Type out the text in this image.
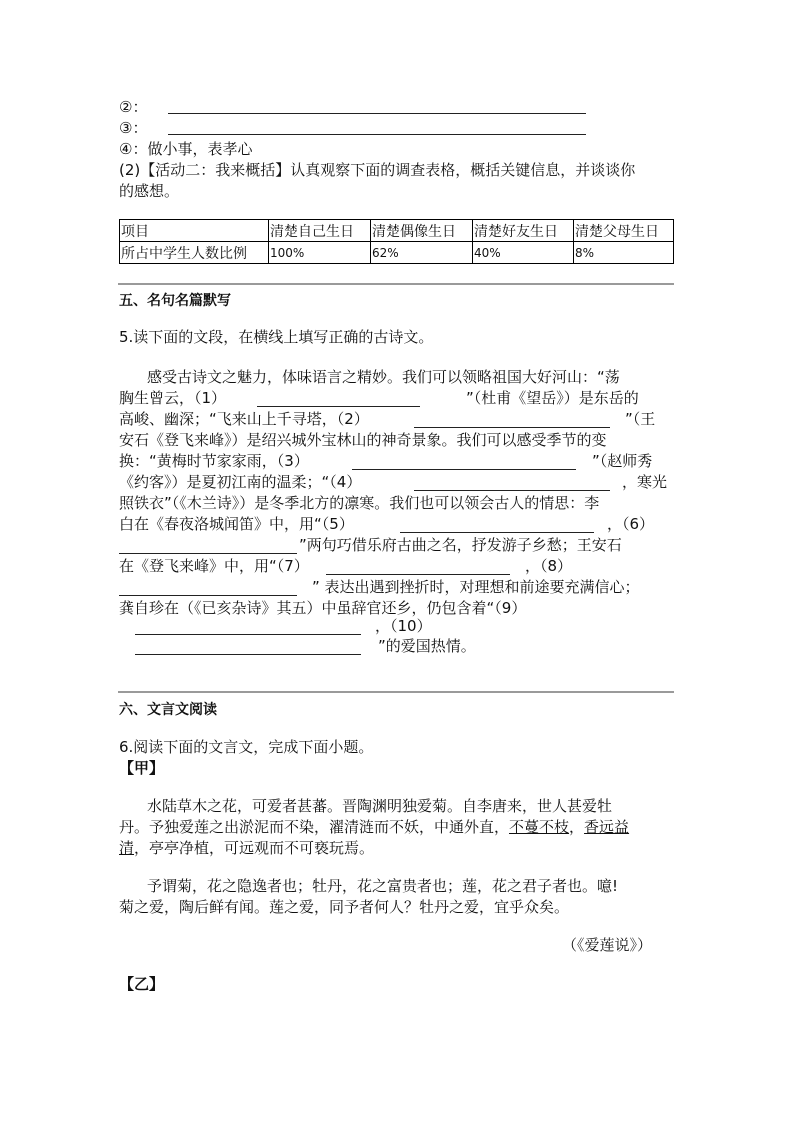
②：
③：
④：做小事，表孝心
(2)【活动二：我来概括】认真观察下面的调查表格，概括关键信息，并谈谈你
的感想。
项目	清楚自己生日	清楚偶像生日	清楚好友生日	清楚父母生日
所占中学生人数比例	100%	62%	40%	8%
五、名句名篇默写
5.读下面的文段，在横线上填写正确的古诗文。
感受古诗文之魅力，体味语言之精妙。我们可以领略祖国大好河山：“荡
胸生曾云，（1）	”（杜甫《望岳》）是东岳的
高峻、幽深；“飞来山上千寻塔，（2）	”（王
安石《登飞来峰》）是绍兴城外宝林山的神奇景象。我们可以感受季节的变
换：“黄梅时节家家雨，（3）	”（赵师秀
《约客》）是夏初江南的温柔；“（4）	，寒光
照铁衣”（《木兰诗》）是冬季北方的凛寒。我们也可以领会古人的情思：李
白在《春夜洛城闻笛》中，用“（5）	，（6）
”两句巧借乐府古曲之名，抒发游子乡愁；王安石
在《登飞来峰》中，用“（7）	，（8）
” 表达出遇到挫折时，对理想和前途要充满信心；
龚自珍在（《已亥杂诗》其五）中虽辞官还乡，仍包含着“（9）
，（10）
”的爱国热情。
六、文言文阅读
6.阅读下面的文言文，完成下面小题。
【甲】
水陆草木之花，可爱者甚蕃。晋陶渊明独爱菊。自李唐来，世人甚爱牡
丹。予独爱莲之出淤泥而不染，濯清涟而不妖，中通外直，不蔓不枝，香远益
清，亭亭净植，可远观而不可亵玩焉。
予谓菊，花之隐逸者也；牡丹，花之富贵者也；莲，花之君子者也。噫!
菊之爱，陶后鲜有闻。莲之爱，同予者何人？牡丹之爱，宜乎众矣。
（《爱莲说》）
【乙】
